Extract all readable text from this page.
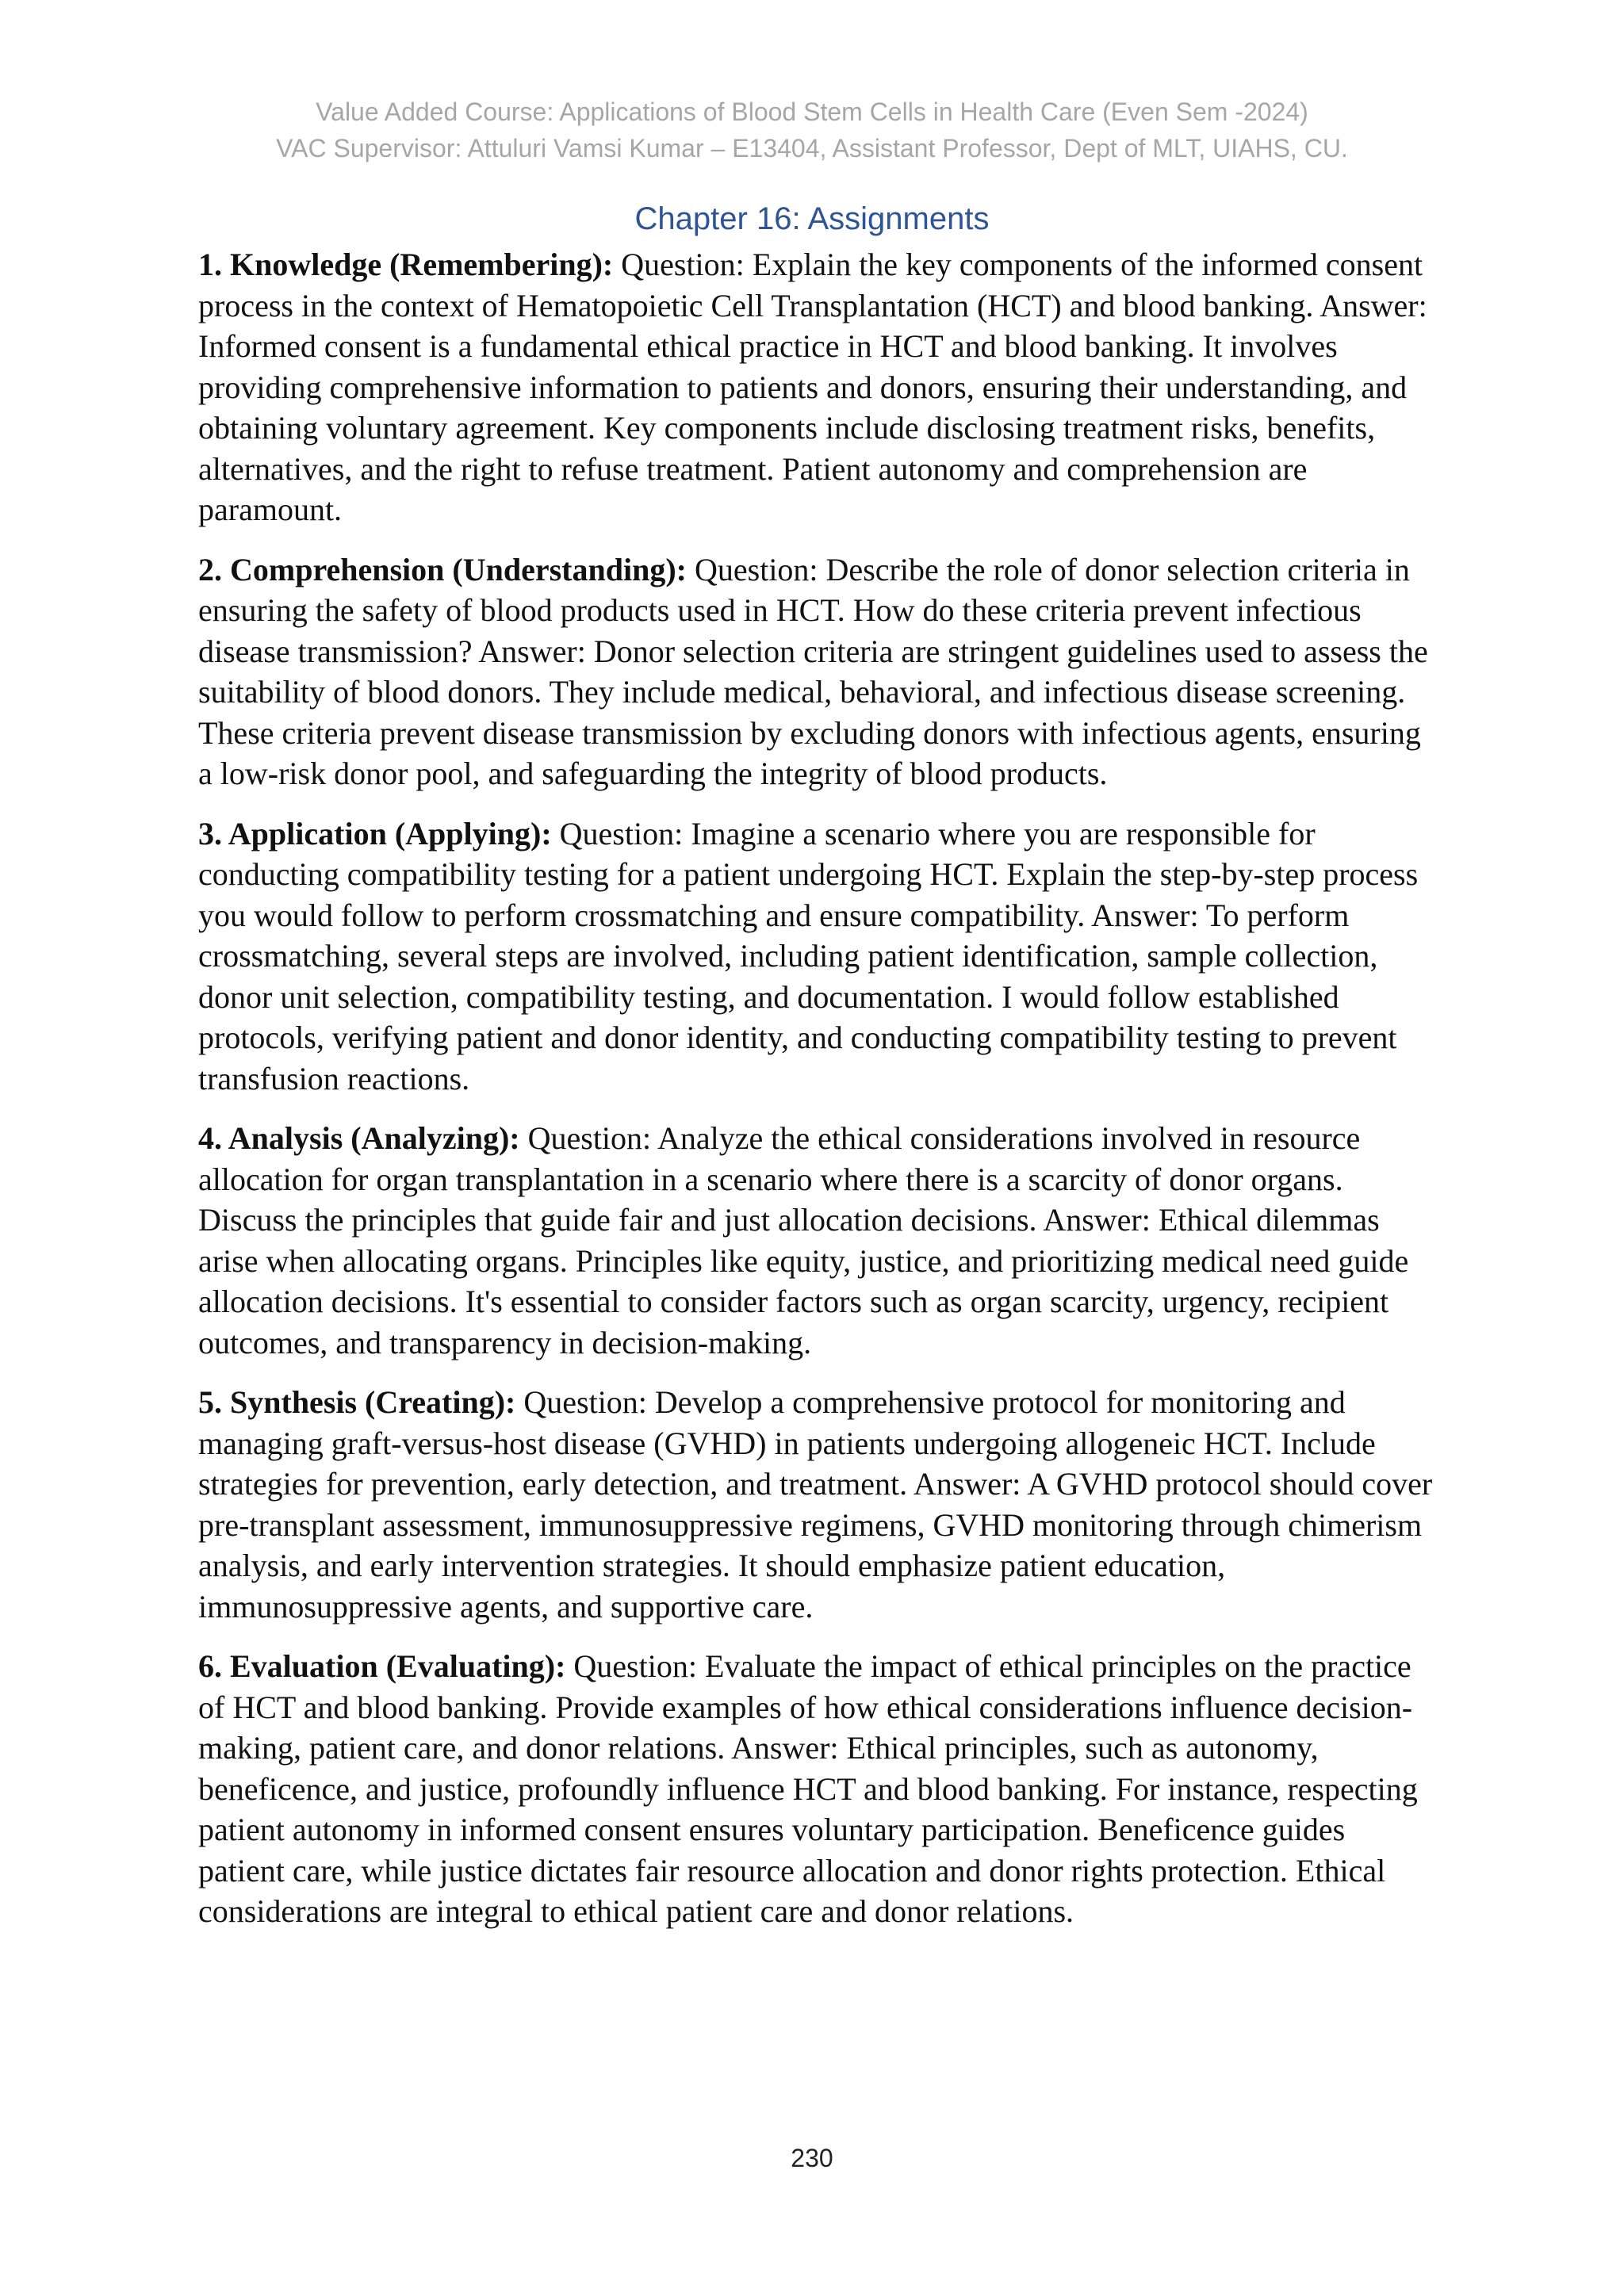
Value Added Course: Applications of Blood Stem Cells in Health Care (Even Sem -2024)
VAC Supervisor: Attuluri Vamsi Kumar – E13404, Assistant Professor, Dept of MLT, UIAHS, CU.
Chapter 16: Assignments

1. Knowledge (Remembering): Question: Explain the key components of the informed consent process in the context of Hematopoietic Cell Transplantation (HCT) and blood banking. Answer: Informed consent is a fundamental ethical practice in HCT and blood banking. It involves providing comprehensive information to patients and donors, ensuring their understanding, and obtaining voluntary agreement. Key components include disclosing treatment risks, benefits, alternatives, and the right to refuse treatment. Patient autonomy and comprehension are paramount.

2. Comprehension (Understanding): Question: Describe the role of donor selection criteria in ensuring the safety of blood products used in HCT. How do these criteria prevent infectious disease transmission? Answer: Donor selection criteria are stringent guidelines used to assess the suitability of blood donors. They include medical, behavioral, and infectious disease screening. These criteria prevent disease transmission by excluding donors with infectious agents, ensuring a low-risk donor pool, and safeguarding the integrity of blood products.

3. Application (Applying): Question: Imagine a scenario where you are responsible for conducting compatibility testing for a patient undergoing HCT. Explain the step-by-step process you would follow to perform crossmatching and ensure compatibility. Answer: To perform crossmatching, several steps are involved, including patient identification, sample collection, donor unit selection, compatibility testing, and documentation. I would follow established protocols, verifying patient and donor identity, and conducting compatibility testing to prevent transfusion reactions.

4. Analysis (Analyzing): Question: Analyze the ethical considerations involved in resource allocation for organ transplantation in a scenario where there is a scarcity of donor organs. Discuss the principles that guide fair and just allocation decisions. Answer: Ethical dilemmas arise when allocating organs. Principles like equity, justice, and prioritizing medical need guide allocation decisions. It's essential to consider factors such as organ scarcity, urgency, recipient outcomes, and transparency in decision-making.

5. Synthesis (Creating): Question: Develop a comprehensive protocol for monitoring and managing graft-versus-host disease (GVHD) in patients undergoing allogeneic HCT. Include strategies for prevention, early detection, and treatment. Answer: A GVHD protocol should cover pre-transplant assessment, immunosuppressive regimens, GVHD monitoring through chimerism analysis, and early intervention strategies. It should emphasize patient education, immunosuppressive agents, and supportive care.

6. Evaluation (Evaluating): Question: Evaluate the impact of ethical principles on the practice of HCT and blood banking. Provide examples of how ethical considerations influence decision-making, patient care, and donor relations. Answer: Ethical principles, such as autonomy, beneficence, and justice, profoundly influence HCT and blood banking. For instance, respecting patient autonomy in informed consent ensures voluntary participation. Beneficence guides patient care, while justice dictates fair resource allocation and donor rights protection. Ethical considerations are integral to ethical patient care and donor relations.

230
